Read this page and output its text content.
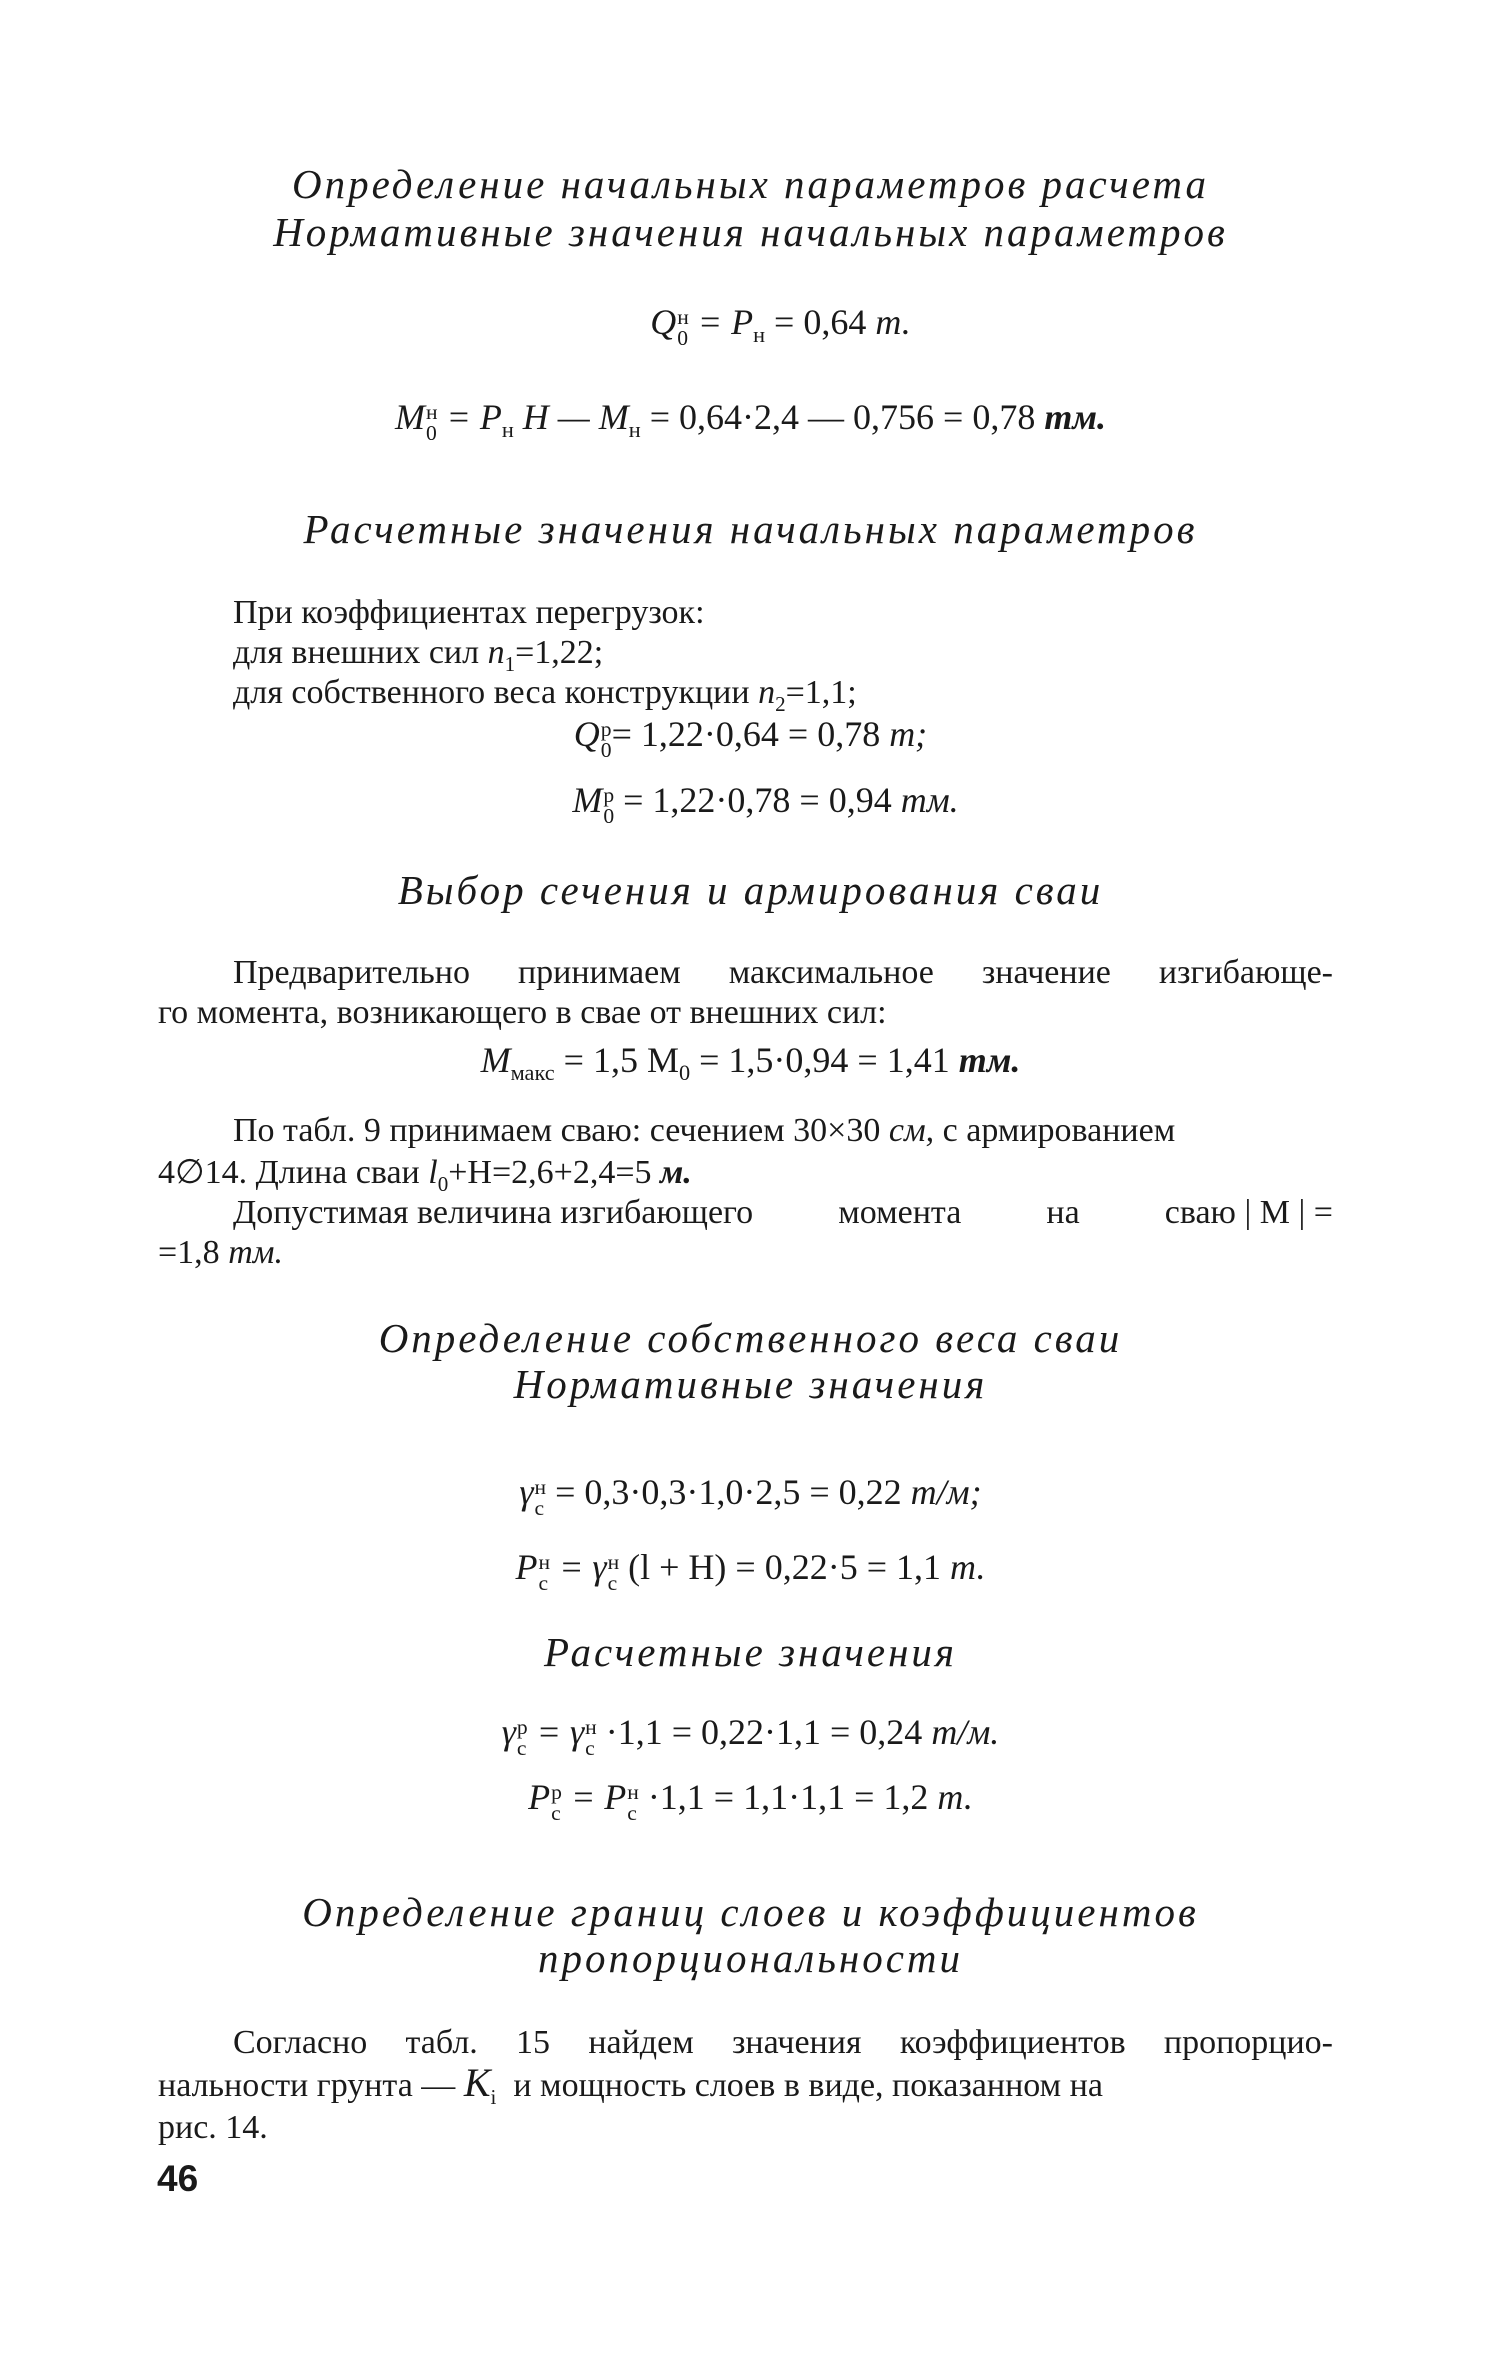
Определение начальных параметров расчета
Нормативные значения начальных параметров
Q н
$0 = P_н = 0,64$ т.
M н
$0 = P_н$ H — $M_н = 0,64\cdot 2,4$ — 0,756 = 0,78 тм.
Расчетные значения начальных параметров
При коэффициентах перегрузок:
для внешних сил $n_1=1,22$;
для собственного веса конструкции $n_2=1,1$;
Q р
0 = 1,22·0,64 = 0,78 т;
M р
0 = 1,22·0,78 = 0,94 тм.
Выбор сечения и армирования сваи
Предварительно принимаем максимальное значение изгибающе-
го момента, возникающего в свае от внешних сил:
$M_{макс} = 1,5$ $M_0 = 1,5\cdot 0,94 = 1,41$ тм.
По табл. 9 принимаем сваю: сечением 30×30 см, с армированием
4∅14. Длина сваи $l_0+H=2,6+2,4=5$ м.
Допустимая величина изгибающего	момента	на	сваю | M | =
=1,8 тм.
Определение собственного веса сваи
Нормативные значения
γ н
с = 0,3·0,3·1,0·2,5 = 0,22 т/м;
P н
с = γ н
с (l + H) = 0,22·5 = 1,1 т.
Расчетные значения
γ р
с = γ н
с ·1,1 = 0,22·1,1 = 0,24 т/м.
P р
с = P н
с ·1,1 = 1,1·1,1 = 1,2 т.
Определение границ слоев и коэффициентов
пропорциональности
Согласно табл. 15 найдем значения коэффициентов пропорцио-
нальности грунта — $K_i$  и мощность слоев в виде, показанном на
рис. 14.
46
